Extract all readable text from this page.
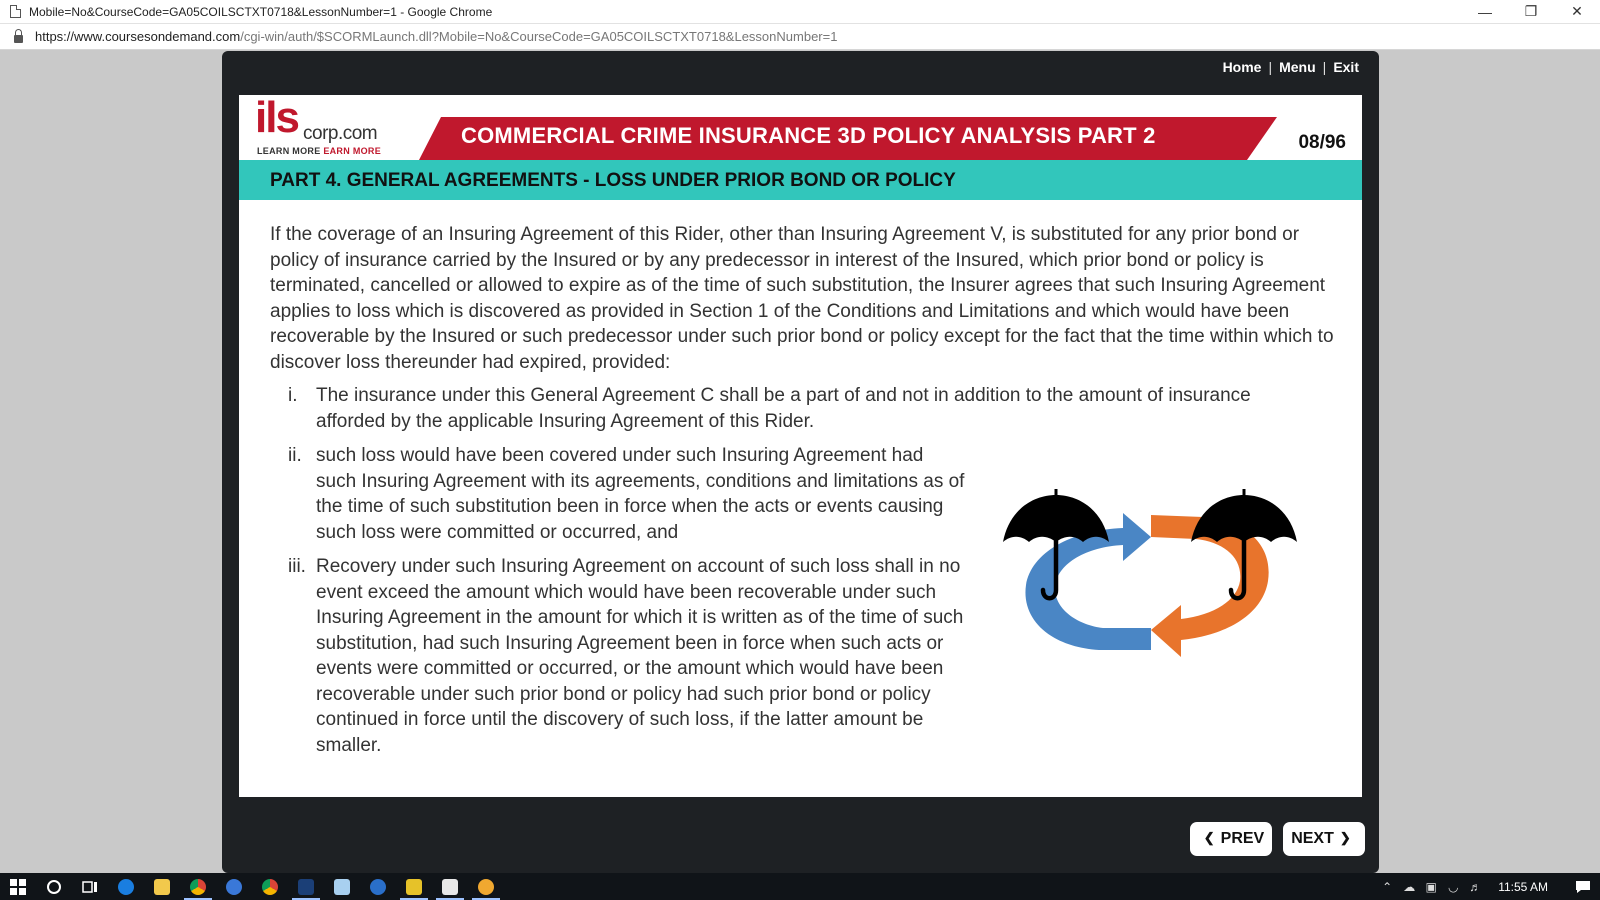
Mobile=No&CourseCode=GA05COILSCTXT0718&LessonNumber=1 - Google Chrome	—	❐	✕
https://www.coursesondemand.com /cgi-win/auth/$SCORMLaunch.dll?Mobile=No&CourseCode=GA05COILSCTXT0718&LessonNumber=1
Home | Menu | Exit
ils corp.com
LEARN MORE EARN MORE
COMMERCIAL CRIME INSURANCE 3D POLICY ANALYSIS PART 2	08/96
PART 4. GENERAL AGREEMENTS - LOSS UNDER PRIOR BOND OR POLICY
If the coverage of an Insuring Agreement of this Rider, other than Insuring Agreement V, is substituted for any prior bond or policy of insurance carried by the Insured or by any predecessor in interest of the Insured, which prior bond or policy is terminated, cancelled or allowed to expire as of the time of such substitution, the Insurer agrees that such Insuring Agreement applies to loss which is discovered as provided in Section 1 of the Conditions and Limitations and which would have been recoverable by the Insured or such predecessor under such prior bond or policy except for the fact that the time within which to discover loss thereunder had expired, provided:
i. The insurance under this General Agreement C shall be a part of and not in addition to the amount of insurance afforded by the applicable Insuring Agreement of this Rider.
ii. such loss would have been covered under such Insuring Agreement had such Insuring Agreement with its agreements, conditions and limitations as of the time of such substitution been in force when the acts or events causing such loss were committed or occurred, and
iii. Recovery under such Insuring Agreement on account of such loss shall in no event exceed the amount which would have been recoverable under such Insuring Agreement in the amount for which it is written as of the time of such substitution, had such Insuring Agreement been in force when such acts or events were committed or occurred, or the amount which would have been recoverable under such prior bond or policy had such prior bond or policy continued in force until the discovery of such loss, if the latter amount be smaller.
❮ PREV NEXT ❯
⌃ ☁ ▣ ◡ ♬	11:55 AM
